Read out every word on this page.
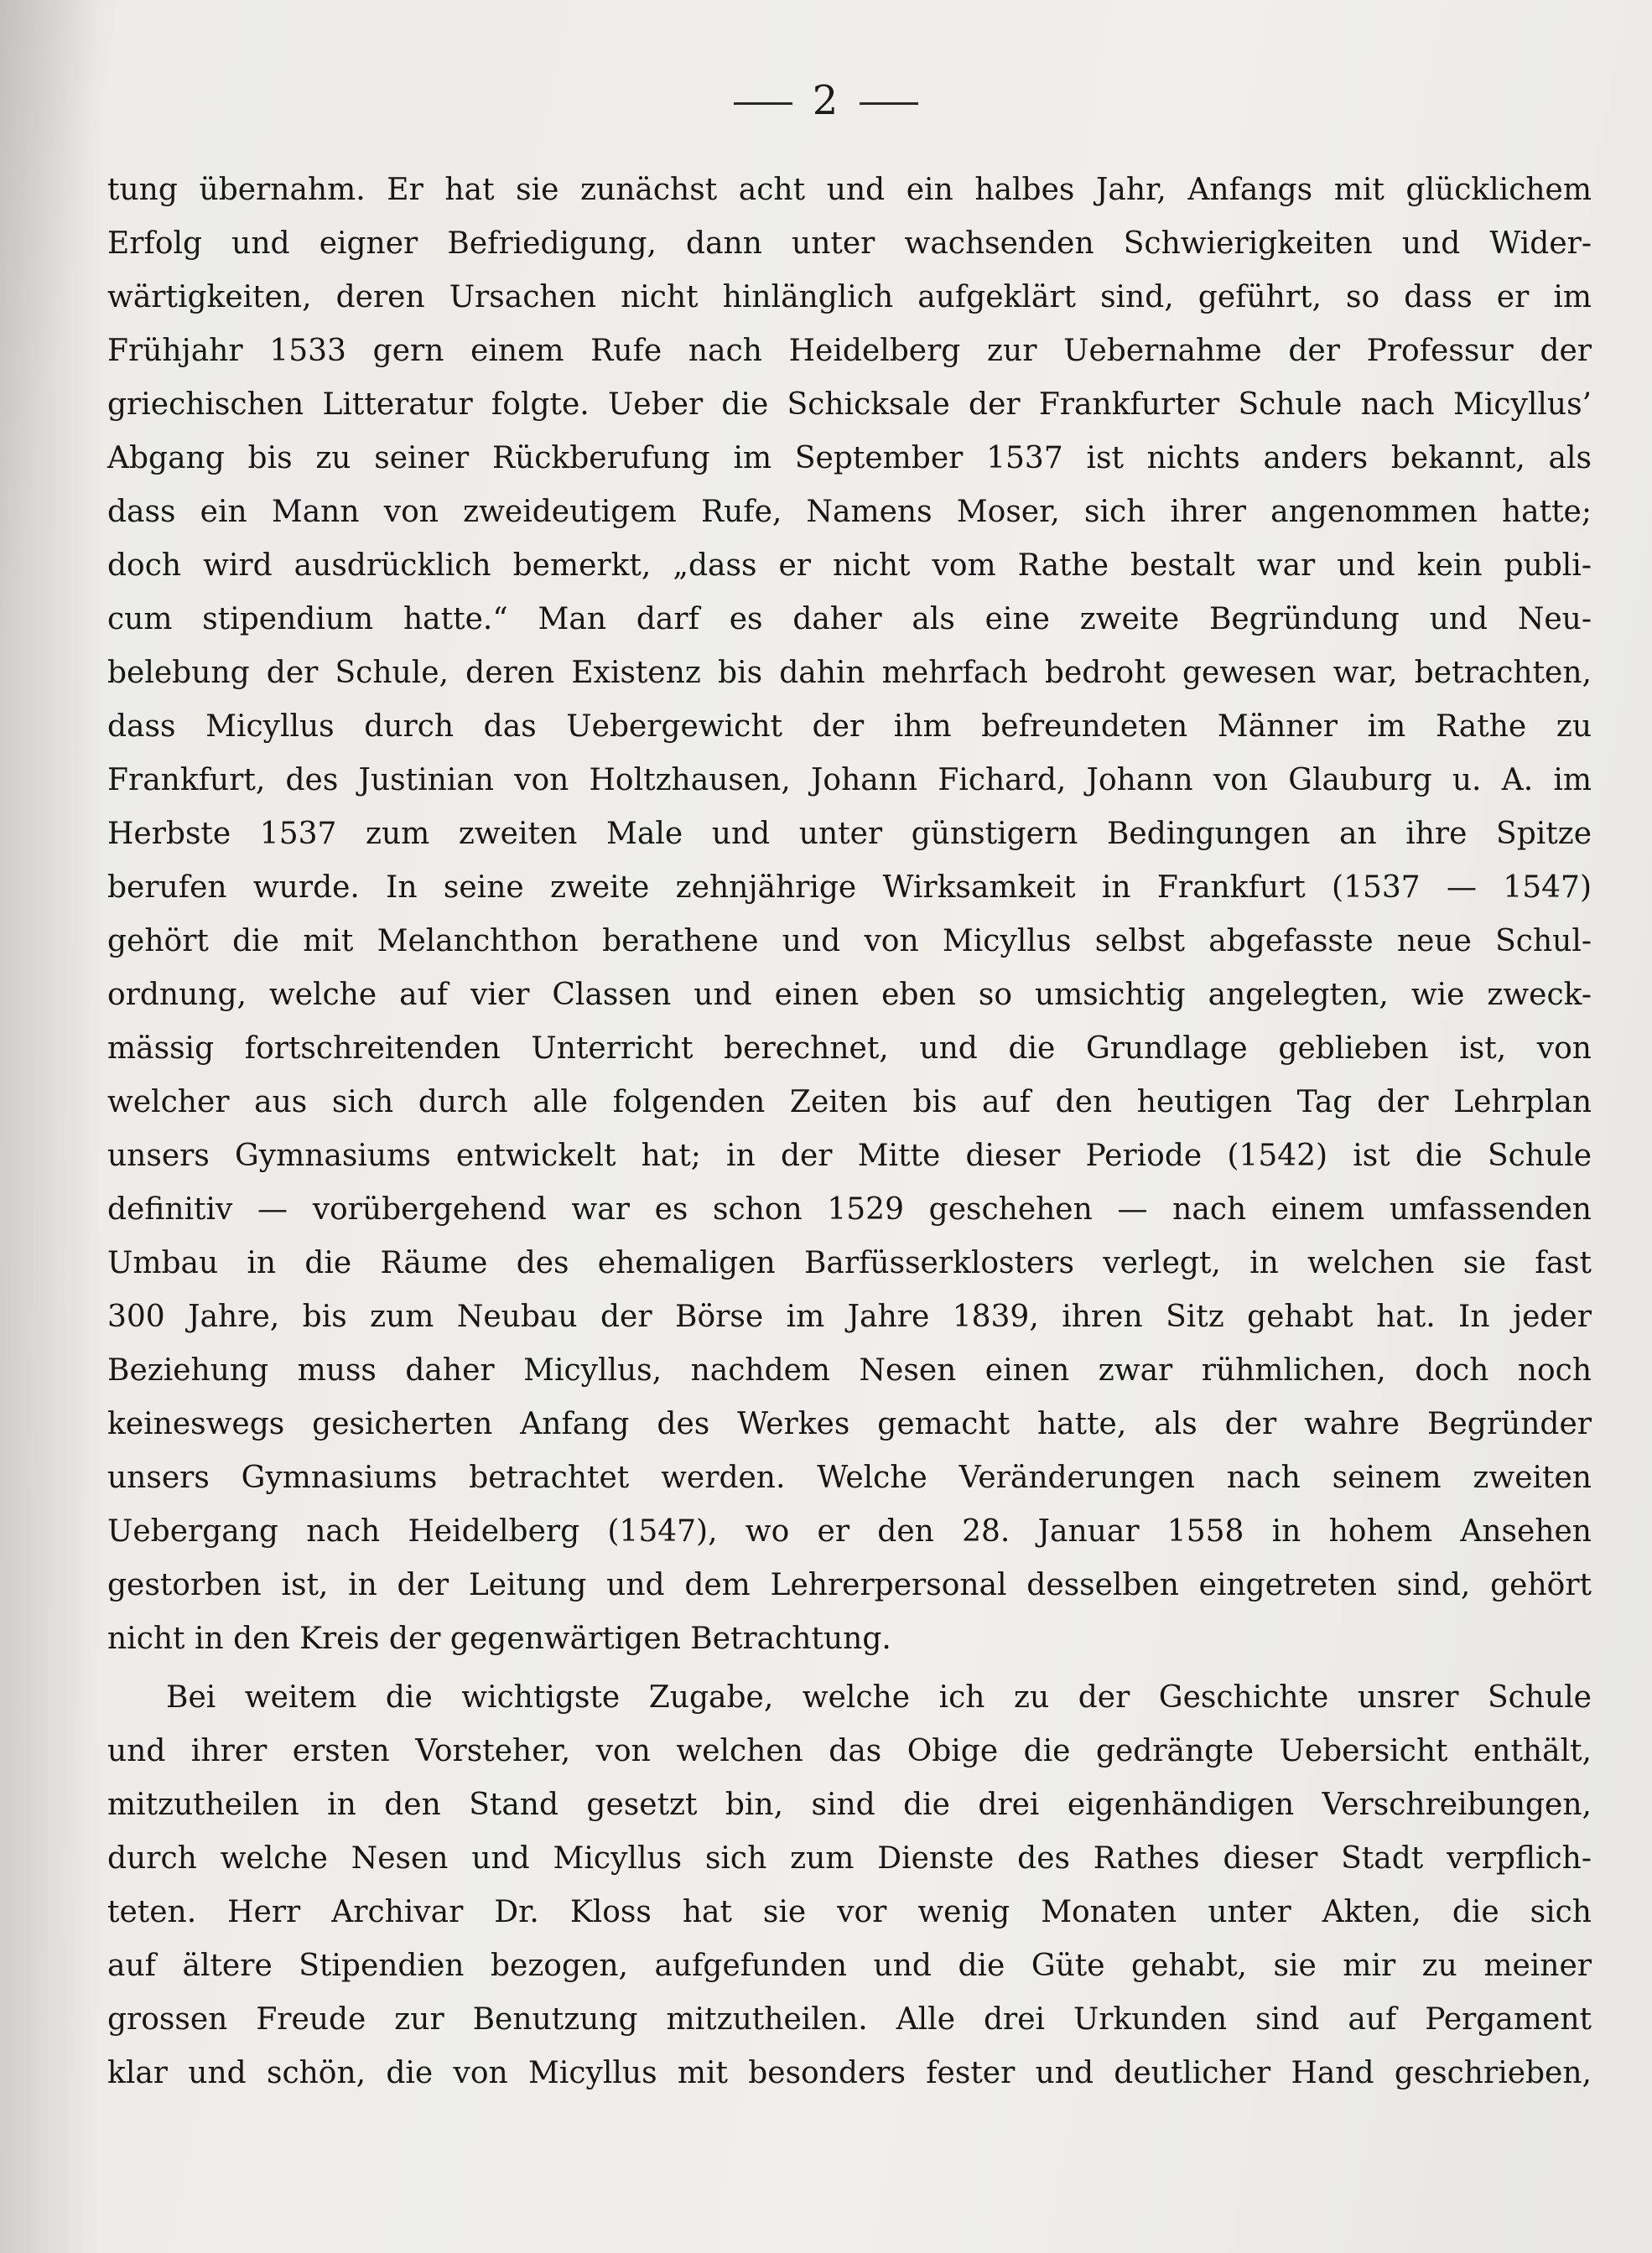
2
tung übernahm. Er hat sie zunächst acht und ein halbes Jahr, Anfangs mit glücklichem
Erfolg und eigner Befriedigung, dann unter wachsenden Schwierigkeiten und Wider-
wärtigkeiten, deren Ursachen nicht hinlänglich aufgeklärt sind, geführt, so dass er im
Frühjahr 1533 gern einem Rufe nach Heidelberg zur Uebernahme der Professur der
griechischen Litteratur folgte. Ueber die Schicksale der Frankfurter Schule nach Micyllus’
Abgang bis zu seiner Rückberufung im September 1537 ist nichts anders bekannt, als
dass ein Mann von zweideutigem Rufe, Namens Moser, sich ihrer angenommen hatte;
doch wird ausdrücklich bemerkt, „dass er nicht vom Rathe bestalt war und kein publi-
cum stipendium hatte.“ Man darf es daher als eine zweite Begründung und Neu-
belebung der Schule, deren Existenz bis dahin mehrfach bedroht gewesen war, betrachten,
dass Micyllus durch das Uebergewicht der ihm befreundeten Männer im Rathe zu
Frankfurt, des Justinian von Holtzhausen, Johann Fichard, Johann von Glauburg u. A. im
Herbste 1537 zum zweiten Male und unter günstigern Bedingungen an ihre Spitze
berufen wurde. In seine zweite zehnjährige Wirksamkeit in Frankfurt (1537 — 1547)
gehört die mit Melanchthon berathene und von Micyllus selbst abgefasste neue Schul-
ordnung, welche auf vier Classen und einen eben so umsichtig angelegten, wie zweck-
mässig fortschreitenden Unterricht berechnet, und die Grundlage geblieben ist, von
welcher aus sich durch alle folgenden Zeiten bis auf den heutigen Tag der Lehrplan
unsers Gymnasiums entwickelt hat; in der Mitte dieser Periode (1542) ist die Schule
definitiv — vorübergehend war es schon 1529 geschehen — nach einem umfassenden
Umbau in die Räume des ehemaligen Barfüsserklosters verlegt, in welchen sie fast
300 Jahre, bis zum Neubau der Börse im Jahre 1839, ihren Sitz gehabt hat. In jeder
Beziehung muss daher Micyllus, nachdem Nesen einen zwar rühmlichen, doch noch
keineswegs gesicherten Anfang des Werkes gemacht hatte, als der wahre Begründer
unsers Gymnasiums betrachtet werden. Welche Veränderungen nach seinem zweiten
Uebergang nach Heidelberg (1547), wo er den 28. Januar 1558 in hohem Ansehen
gestorben ist, in der Leitung und dem Lehrerpersonal desselben eingetreten sind, gehört
nicht in den Kreis der gegenwärtigen Betrachtung.
Bei weitem die wichtigste Zugabe, welche ich zu der Geschichte unsrer Schule
und ihrer ersten Vorsteher, von welchen das Obige die gedrängte Uebersicht enthält,
mitzutheilen in den Stand gesetzt bin, sind die drei eigenhändigen Verschreibungen,
durch welche Nesen und Micyllus sich zum Dienste des Rathes dieser Stadt verpflich-
teten. Herr Archivar Dr. Kloss hat sie vor wenig Monaten unter Akten, die sich
auf ältere Stipendien bezogen, aufgefunden und die Güte gehabt, sie mir zu meiner
grossen Freude zur Benutzung mitzutheilen. Alle drei Urkunden sind auf Pergament
klar und schön, die von Micyllus mit besonders fester und deutlicher Hand geschrieben,
